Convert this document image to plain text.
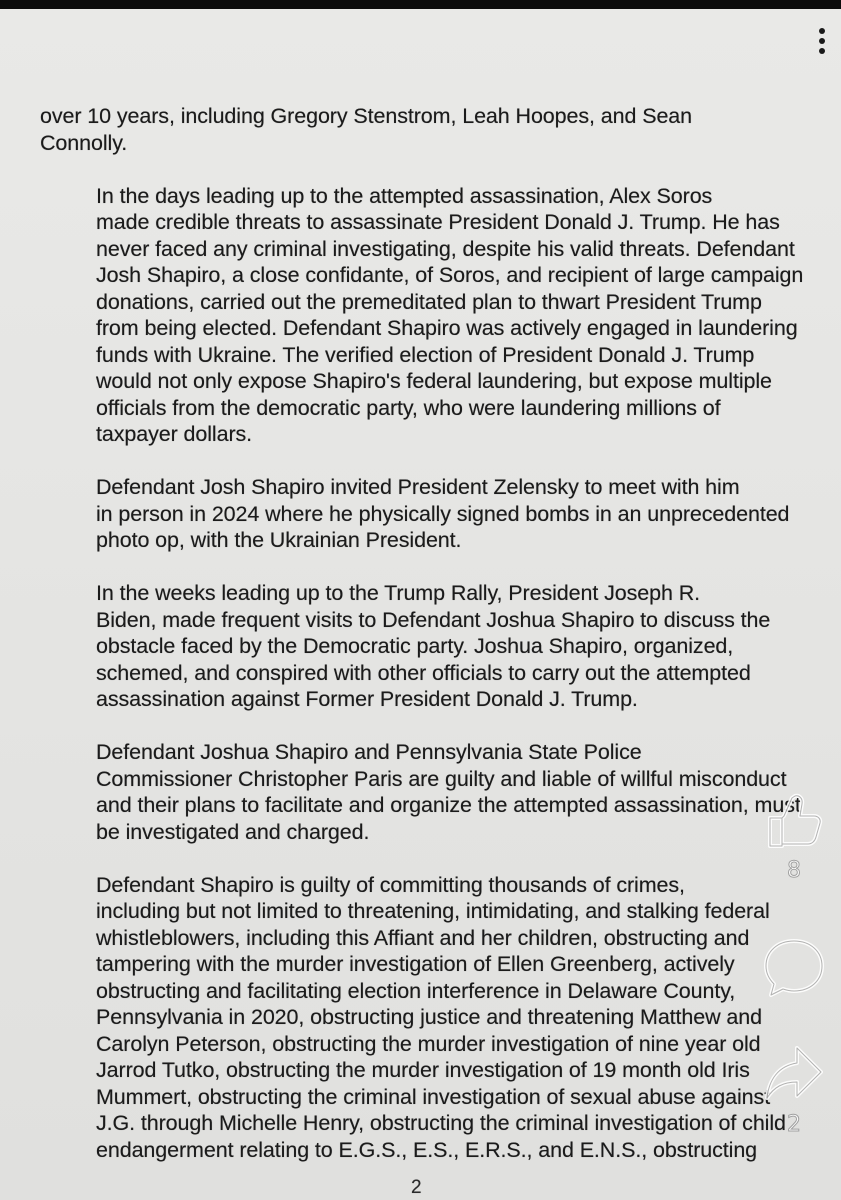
over 10 years, including Gregory Stenstrom, Leah Hoopes, and Sean
Connolly.

In the days leading up to the attempted assassination, Alex Soros
made credible threats to assassinate President Donald J. Trump. He has
never faced any criminal investigating, despite his valid threats. Defendant
Josh Shapiro, a close confidante, of Soros, and recipient of large campaign
donations, carried out the premeditated plan to thwart President Trump
from being elected. Defendant Shapiro was actively engaged in laundering
funds with Ukraine. The verified election of President Donald J. Trump
would not only expose Shapiro's federal laundering, but expose multiple
officials from the democratic party, who were laundering millions of
taxpayer dollars.

Defendant Josh Shapiro invited President Zelensky to meet with him
in person in 2024 where he physically signed bombs in an unprecedented
photo op, with the Ukrainian President.

In the weeks leading up to the Trump Rally, President Joseph R.
Biden, made frequent visits to Defendant Joshua Shapiro to discuss the
obstacle faced by the Democratic party. Joshua Shapiro, organized,
schemed, and conspired with other officials to carry out the attempted
assassination against Former President Donald J. Trump.

Defendant Joshua Shapiro and Pennsylvania State Police
Commissioner Christopher Paris are guilty and liable of willful misconduct
and their plans to facilitate and organize the attempted assassination, must
be investigated and charged.

Defendant Shapiro is guilty of committing thousands of crimes,
including but not limited to threatening, intimidating, and stalking federal
whistleblowers, including this Affiant and her children, obstructing and
tampering with the murder investigation of Ellen Greenberg, actively
obstructing and facilitating election interference in Delaware County,
Pennsylvania in 2020, obstructing justice and threatening Matthew and
Carolyn Peterson, obstructing the murder investigation of nine year old
Jarrod Tutko, obstructing the murder investigation of 19 month old Iris
Mummert, obstructing the criminal investigation of sexual abuse against
J.G. through Michelle Henry, obstructing the criminal investigation of child
endangerment relating to E.G.S., E.S., E.R.S., and E.N.S., obstructing

2
8
2
